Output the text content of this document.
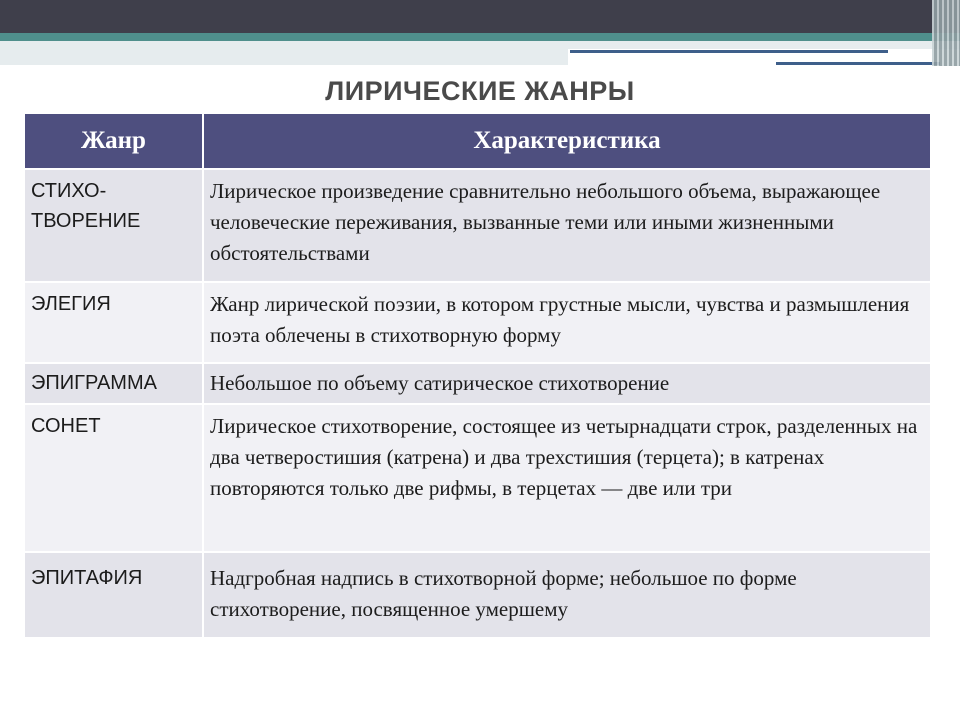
ЛИРИЧЕСКИЕ ЖАНРЫ
Жанр	Характеристика

СТИХО-
ТВОРЕНИЕ	Лирическое произведение сравнительно небольшого объема, выражающее человеческие переживания, вызванные теми или иными жизненными обстоятельствами

ЭЛЕГИЯ	Жанр лирической поэзии, в котором грустные мысли, чувства и размышления поэта облечены в стихотворную форму

ЭПИГРАММА	Небольшое по объему сатирическое стихотворение

СОНЕТ	Лирическое стихотворение, состоящее из четырнадцати строк, разделенных на два четверостишия (катрена) и два трехстишия (терцета); в катренах повторяются только две рифмы, в терцетах — две или три

ЭПИТАФИЯ	Надгробная надпись в стихотворной форме; небольшое по форме стихотворение, посвященное умершему
